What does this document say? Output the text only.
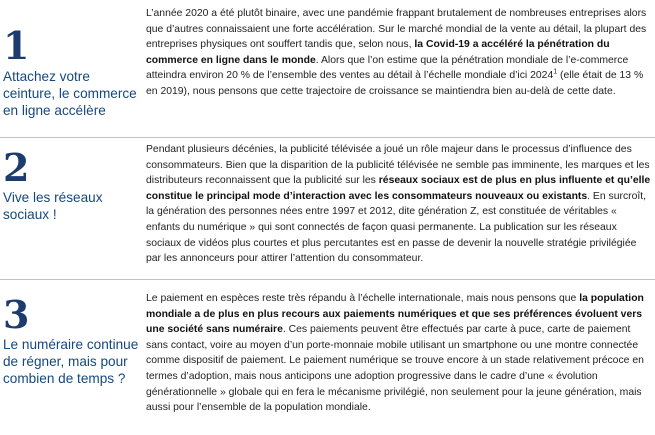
1
Attachez votre ceinture, le commerce en ligne accélère
L’année 2020 a été plutôt binaire, avec une pandémie frappant brutalement de nombreuses entreprises alors que d’autres connaissaient une forte accélération. Sur le marché mondial de la vente au détail, la plupart des entreprises physiques ont souffert tandis que, selon nous, la Covid-19 a accéléré la pénétration du commerce en ligne dans le monde. Alors que l’on estime que la pénétration mondiale de l’e-commerce atteindra environ 20 % de l’ensemble des ventes au détail à l’échelle mondiale d’ici 2024$^1$ (elle était de 13 % en 2019), nous pensons que cette trajectoire de croissance se maintiendra bien au-delà de cette date.
2
Vive les réseaux sociaux !
Pendant plusieurs décénies, la publicité télévisée a joué un rôle majeur dans le processus d’influence des consommateurs. Bien que la disparition de la publicité télévisée ne semble pas imminente, les marques et les distributeurs reconnaissent que la publicité sur les réseaux sociaux est de plus en plus influente et qu’elle constitue le principal mode d’interaction avec les consommateurs nouveaux ou existants. En surcroît, la génération des personnes nées entre 1997 et 2012, dite génération Z, est constituée de véritables « enfants du numérique » qui sont connectés de façon quasi permanente. La publication sur les réseaux sociaux de vidéos plus courtes et plus percutantes est en passe de devenir la nouvelle stratégie privilégiée par les annonceurs pour attirer l’attention du consommateur.
3
Le numéraire continue de régner, mais pour combien de temps ?
Le paiement en espèces reste très répandu à l’échelle internationale, mais nous pensons que la population mondiale a de plus en plus recours aux paiements numériques et que ses préférences évoluent vers une société sans numéraire. Ces paiements peuvent être effectués par carte à puce, carte de paiement sans contact, voire au moyen d’un porte-monnaie mobile utilisant un smartphone ou une montre connectée comme dispositif de paiement. Le paiement numérique se trouve encore à un stade relativement précoce en termes d’adoption, mais nous anticipons une adoption progressive dans le cadre d’une « évolution générationnelle » globale qui en fera le mécanisme privilégié, non seulement pour la jeune génération, mais aussi pour l’ensemble de la population mondiale.
